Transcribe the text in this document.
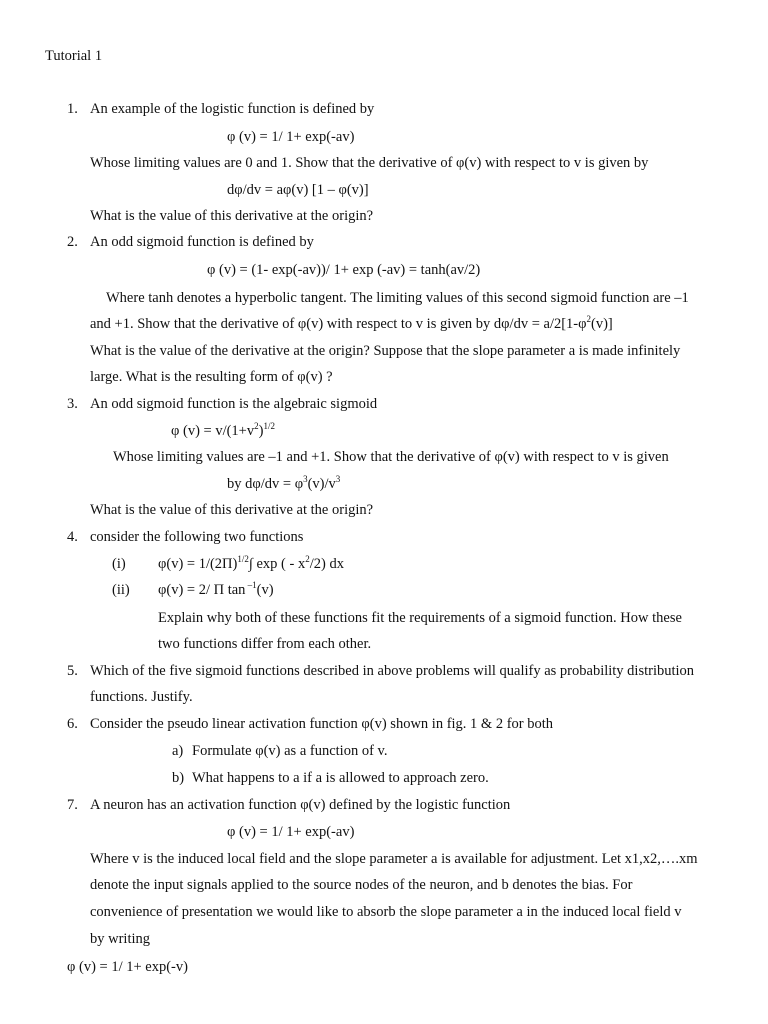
Tutorial 1
1. An example of the logistic function is defined by
φ (v) = 1/ 1+ exp(-av)
Whose limiting values are 0 and 1. Show that the derivative of φ(v) with respect to v is given by
dφ/dv = aφ(v) [1 – φ(v)]
What is the value of this derivative at the origin?
2. An odd sigmoid function is defined by
φ (v) = (1- exp(-av))/ 1+ exp (-av) = tanh(av/2)
Where tanh denotes a hyperbolic tangent. The limiting values of this second sigmoid function are –1
and +1. Show that the derivative of φ(v) with respect to v is given by $d\varphi/dv = a/2[1-\varphi^2(v)]$
What is the value of the derivative at the origin? Suppose that the slope parameter a is made infinitely
large. What is the resulting form of φ(v) ?
3. An odd sigmoid function is the algebraic sigmoid
φ $(v) = v/(1+v^2)^{1/2}$
Whose limiting values are –1 and +1. Show that the derivative of φ(v) with respect to v is given
by $d\varphi/dv = \varphi^3(v)/v^3$
What is the value of this derivative at the origin?
4. consider the following two functions
(i) $\varphi(v) = 1/(2\Pi)^{1/2}\int$ exp ( - $x^2/2$) dx
(ii) φ(v) = 2/ Π tan $^{-1}$(v)
Explain why both of these functions fit the requirements of a sigmoid function. How these
two functions differ from each other.
5. Which of the five sigmoid functions described in above problems will qualify as probability distribution
functions. Justify.
6. Consider the pseudo linear activation function φ(v) shown in fig. 1 & 2 for both
a) Formulate φ(v) as a function of v.
b) What happens to a if a is allowed to approach zero.
7. A neuron has an activation function φ(v) defined by the logistic function
φ (v) = 1/ 1+ exp(-av)
Where v is the induced local field and the slope parameter a is available for adjustment. Let x1,x2,….xm
denote the input signals applied to the source nodes of the neuron, and b denotes the bias. For
convenience of presentation we would like to absorb the slope parameter a in the induced local field v
by writing
φ (v) = 1/ 1+ exp(-v)
